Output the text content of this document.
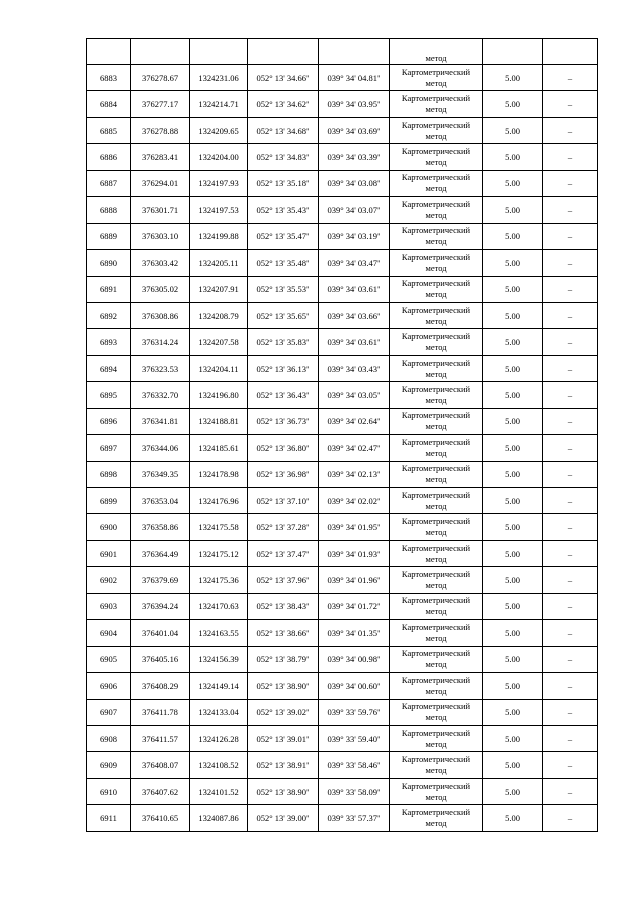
					метод		

6883	376278.67	1324231.06	052° 13' 34.66"	039° 34' 04.81"	Картометрический
метод	5.00	–
6884	376277.17	1324214.71	052° 13' 34.62"	039° 34' 03.95"	Картометрический
метод	5.00	–
6885	376278.88	1324209.65	052° 13' 34.68"	039° 34' 03.69"	Картометрический
метод	5.00	–
6886	376283.41	1324204.00	052° 13' 34.83"	039° 34' 03.39"	Картометрический
метод	5.00	–
6887	376294.01	1324197.93	052° 13' 35.18"	039° 34' 03.08"	Картометрический
метод	5.00	–
6888	376301.71	1324197.53	052° 13' 35.43"	039° 34' 03.07"	Картометрический
метод	5.00	–
6889	376303.10	1324199.88	052° 13' 35.47"	039° 34' 03.19"	Картометрический
метод	5.00	–
6890	376303.42	1324205.11	052° 13' 35.48"	039° 34' 03.47"	Картометрический
метод	5.00	–
6891	376305.02	1324207.91	052° 13' 35.53"	039° 34' 03.61"	Картометрический
метод	5.00	–
6892	376308.86	1324208.79	052° 13' 35.65"	039° 34' 03.66"	Картометрический
метод	5.00	–
6893	376314.24	1324207.58	052° 13' 35.83"	039° 34' 03.61"	Картометрический
метод	5.00	–
6894	376323.53	1324204.11	052° 13' 36.13"	039° 34' 03.43"	Картометрический
метод	5.00	–
6895	376332.70	1324196.80	052° 13' 36.43"	039° 34' 03.05"	Картометрический
метод	5.00	–
6896	376341.81	1324188.81	052° 13' 36.73"	039° 34' 02.64"	Картометрический
метод	5.00	–
6897	376344.06	1324185.61	052° 13' 36.80"	039° 34' 02.47"	Картометрический
метод	5.00	–
6898	376349.35	1324178.98	052° 13' 36.98"	039° 34' 02.13"	Картометрический
метод	5.00	–
6899	376353.04	1324176.96	052° 13' 37.10"	039° 34' 02.02"	Картометрический
метод	5.00	–
6900	376358.86	1324175.58	052° 13' 37.28"	039° 34' 01.95"	Картометрический
метод	5.00	–
6901	376364.49	1324175.12	052° 13' 37.47"	039° 34' 01.93"	Картометрический
метод	5.00	–
6902	376379.69	1324175.36	052° 13' 37.96"	039° 34' 01.96"	Картометрический
метод	5.00	–
6903	376394.24	1324170.63	052° 13' 38.43"	039° 34' 01.72"	Картометрический
метод	5.00	–
6904	376401.04	1324163.55	052° 13' 38.66"	039° 34' 01.35"	Картометрический
метод	5.00	–
6905	376405.16	1324156.39	052° 13' 38.79"	039° 34' 00.98"	Картометрический
метод	5.00	–
6906	376408.29	1324149.14	052° 13' 38.90"	039° 34' 00.60"	Картометрический
метод	5.00	–
6907	376411.78	1324133.04	052° 13' 39.02"	039° 33' 59.76"	Картометрический
метод	5.00	–
6908	376411.57	1324126.28	052° 13' 39.01"	039° 33' 59.40"	Картометрический
метод	5.00	–
6909	376408.07	1324108.52	052° 13' 38.91"	039° 33' 58.46"	Картометрический
метод	5.00	–
6910	376407.62	1324101.52	052° 13' 38.90"	039° 33' 58.09"	Картометрический
метод	5.00	–
6911	376410.65	1324087.86	052° 13' 39.00"	039° 33' 57.37"	Картометрический
метод	5.00	–
